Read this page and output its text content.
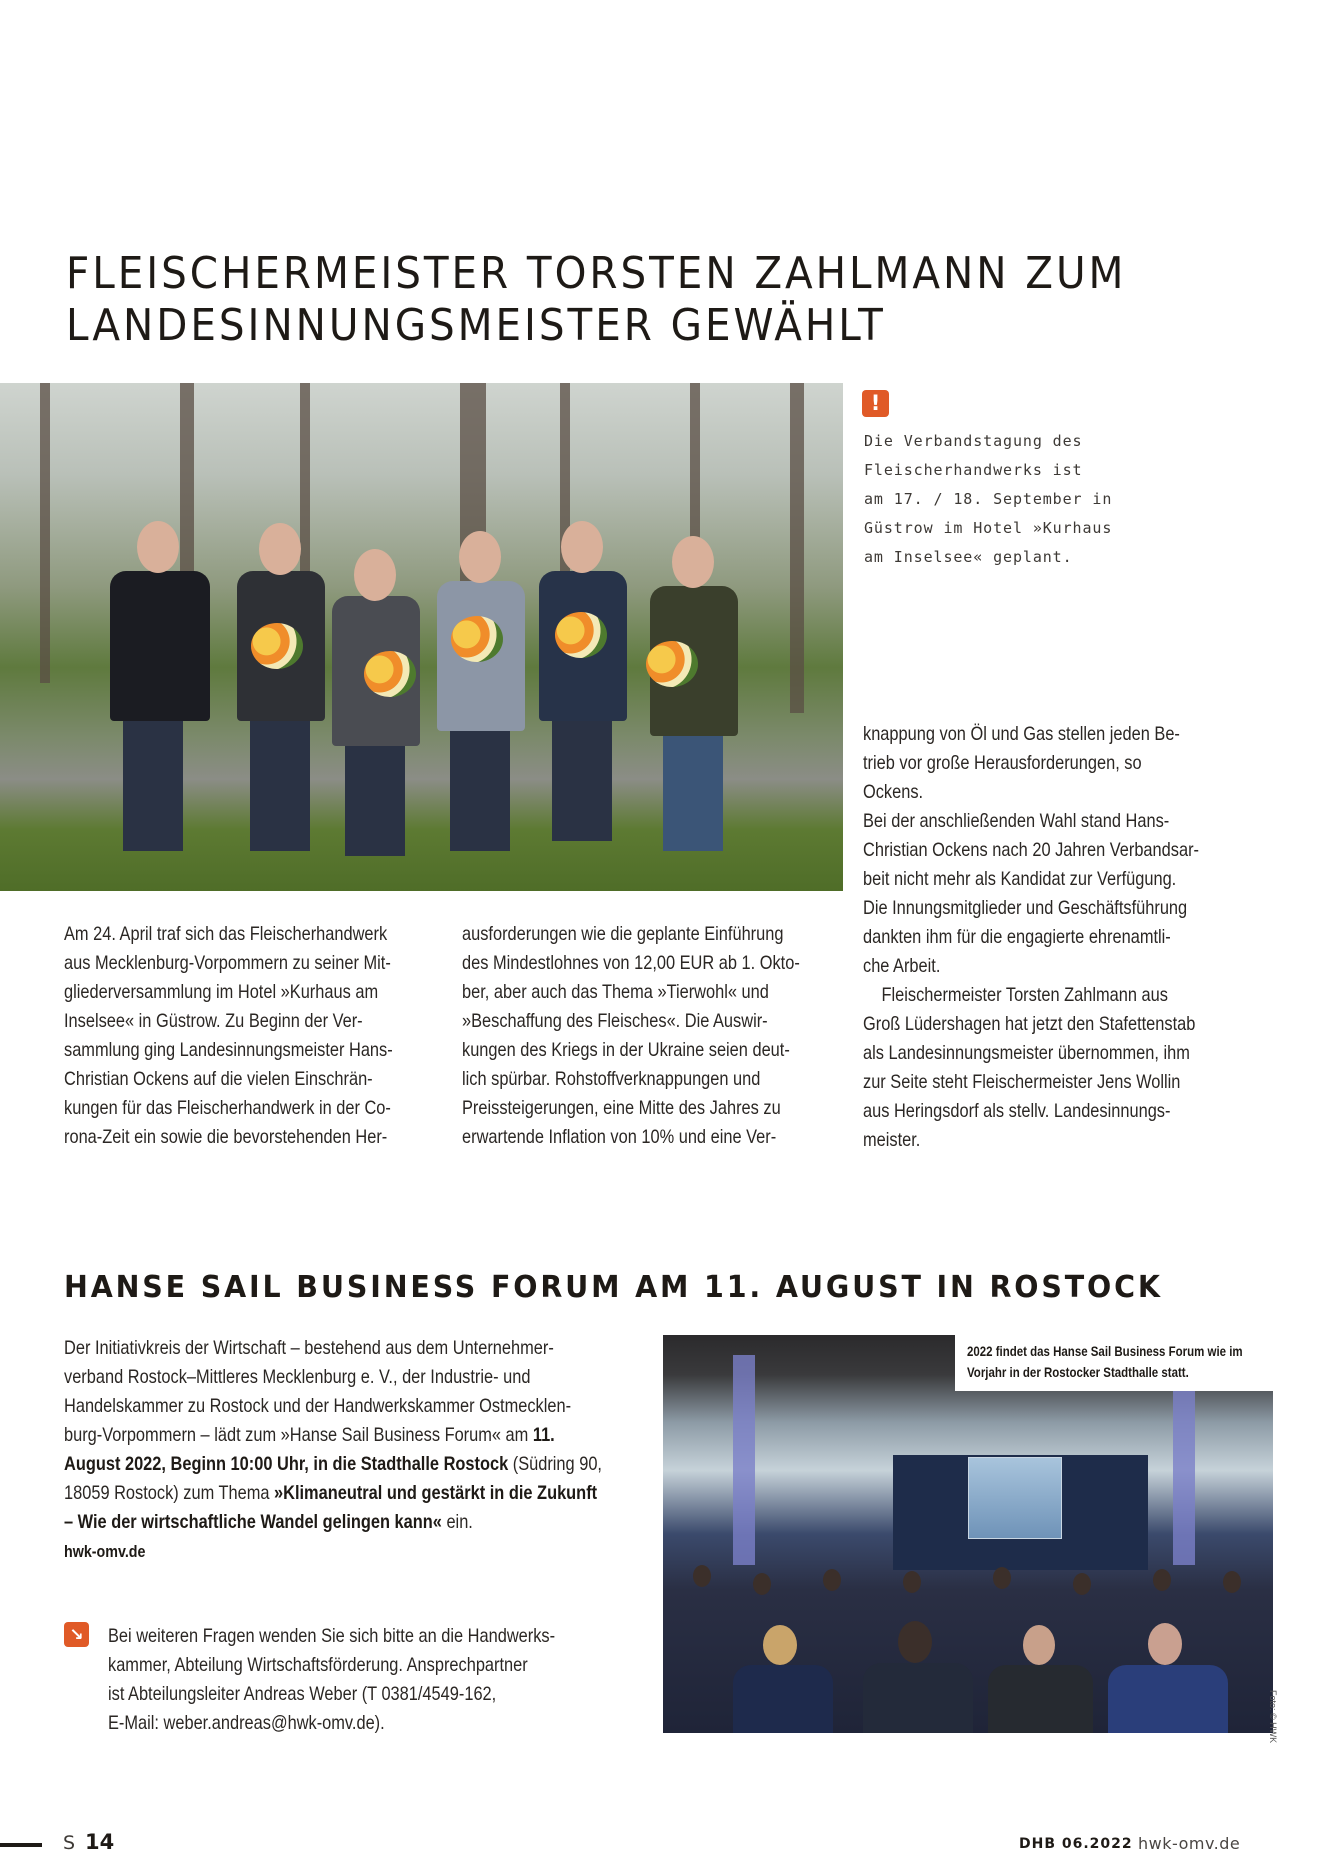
FLEISCHERMEISTER TORSTEN ZAHLMANN ZUM
LANDESINNUNGSMEISTER GEWÄHLT
!
Die Verbandstagung des
Fleischerhandwerks ist
am 17. / 18. September in
Güstrow im Hotel »Kurhaus
am Inselsee« geplant.
Am 24. April traf sich das Fleischerhandwerk
aus Mecklenburg-Vorpommern zu seiner Mit-
gliederversammlung im Hotel »Kurhaus am
Inselsee« in Güstrow. Zu Beginn der Ver-
sammlung ging Landesinnungsmeister Hans-
Christian Ockens auf die vielen Einschrän-
kungen für das Fleischerhandwerk in der Co-
rona-Zeit ein sowie die bevorstehenden Her-
ausforderungen wie die geplante Einführung
des Mindestlohnes von 12,00 EUR ab 1. Okto-
ber, aber auch das Thema »Tierwohl« und
»Beschaffung des Fleisches«. Die Auswir-
kungen des Kriegs in der Ukraine seien deut-
lich spürbar. Rohstoffverknappungen und
Preissteigerungen, eine Mitte des Jahres zu
erwartende Inflation von 10% und eine Ver-
knappung von Öl und Gas stellen jeden Be-
trieb vor große Herausforderungen, so
Ockens.
Bei der anschließenden Wahl stand Hans-
Christian Ockens nach 20 Jahren Verbandsar-
beit nicht mehr als Kandidat zur Verfügung.
Die Innungsmitglieder und Geschäftsführung
dankten ihm für die engagierte ehrenamtli-
che Arbeit.
Fleischermeister Torsten Zahlmann aus
Groß Lüdershagen hat jetzt den Stafettenstab
als Landesinnungsmeister übernommen, ihm
zur Seite steht Fleischermeister Jens Wollin
aus Heringsdorf als stellv. Landesinnungs-
meister.
HANSE SAIL BUSINESS FORUM AM 11. AUGUST IN ROSTOCK
Der Initiativkreis der Wirtschaft – bestehend aus dem Unternehmer-
verband Rostock–Mittleres Mecklenburg e. V., der Industrie- und
Handelskammer zu Rostock und der Handwerkskammer Ostmecklen-
burg-Vorpommern – lädt zum »Hanse Sail Business Forum« am 11.
August 2022, Beginn 10:00 Uhr, in die Stadthalle Rostock (Südring 90,
18059 Rostock) zum Thema »Klimaneutral und gestärkt in die Zukunft
– Wie der wirtschaftliche Wandel gelingen kann« ein.
hwk-omv.de
↘ Bei weiteren Fragen wenden Sie sich bitte an die Handwerks-
kammer, Abteilung Wirtschaftsförderung. Ansprechpartner
ist Abteilungsleiter Andreas Weber (T 0381/4549-162,
E-Mail: weber.andreas@hwk-omv.de).
2022 findet das Hanse Sail Business Forum wie im
Vorjahr in der Rostocker Stadthalle statt.
Foto: © HWK
S 14	DHB 06.2022 hwk-omv.de
